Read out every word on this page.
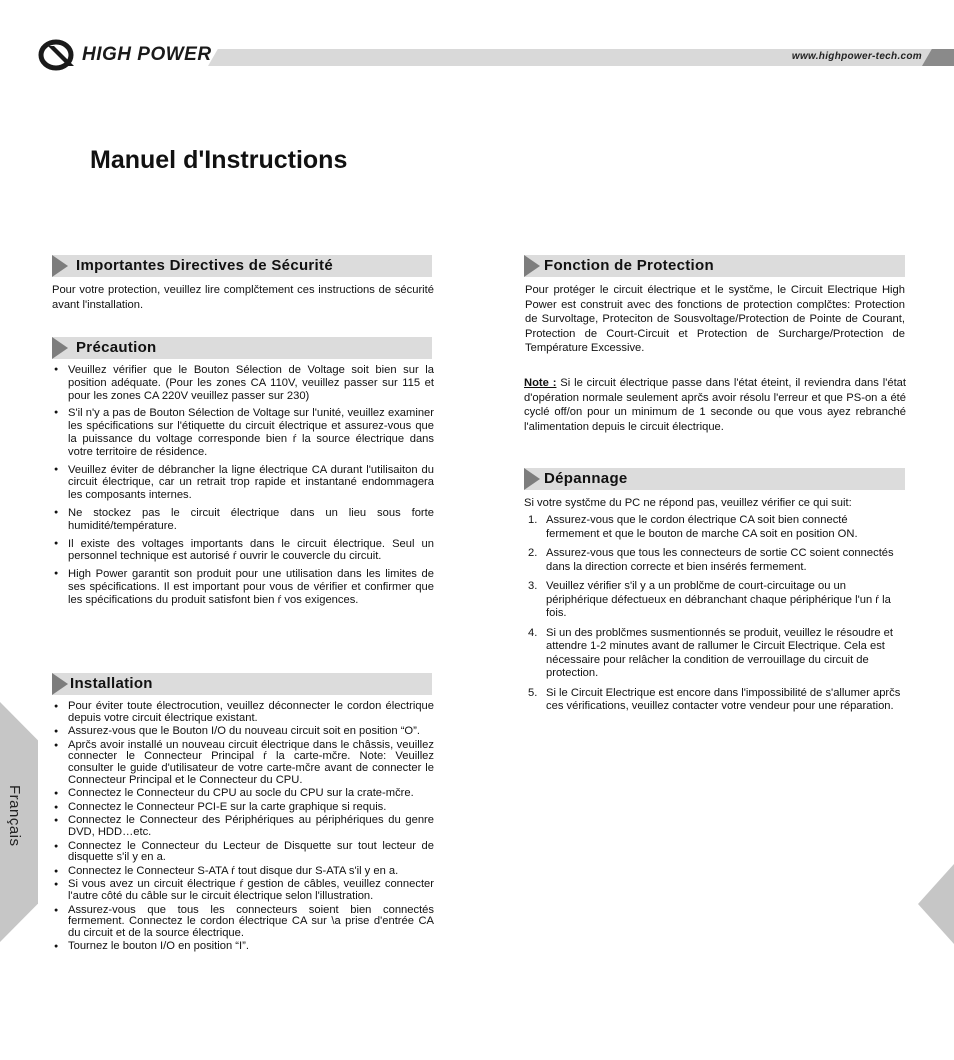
HIGH POWER	www.highpower-tech.com
Manuel d'Instructions
Importantes Directives de Sécurité

Pour votre protection, veuillez lire complčtement ces instructions de sécurité avant l'installation.

Précaution
● Veuillez vérifier que le Bouton Sélection de Voltage soit bien sur la position adéquate. (Pour les zones CA 110V, veuillez passer sur 115 et pour les zones CA 220V veuillez passer sur 230)
● S'il n'y a pas de Bouton Sélection de Voltage sur l'unité, veuillez examiner les spécifications sur l'étiquette du circuit électrique et assurez-vous que la puissance du voltage corresponde bien ŕ la source électrique dans votre territoire de résidence.
● Veuillez éviter de débrancher la ligne électrique CA durant l'utilisaiton du circuit électrique, car un retrait trop rapide et instantané endommagera les composants internes.
● Ne stockez pas le circuit électrique dans un lieu sous forte humidité/température.
● Il existe des voltages importants dans le circuit électrique. Seul un personnel technique est autorisé ŕ ouvrir le couvercle du circuit.
● High Power garantit son produit pour une utilisation dans les limites de ses spécifications. Il est important pour vous de vérifier et confirmer que les spécifications du produit satisfont bien ŕ vos exigences.
Installation
● Pour éviter toute électrocution, veuillez déconnecter le cordon électrique depuis votre circuit électrique existant.
● Assurez-vous que le Bouton I/O du nouveau circuit soit en position “O”.
● Aprčs avoir installé un nouveau circuit électrique dans le châssis, veuillez connecter le Connecteur Principal ŕ la carte-mčre. Note: Veuillez consulter le guide d'utilisateur de votre carte-mčre avant de connecter le Connecteur Principal et le Connecteur du CPU.
● Connectez le Connecteur du CPU au socle du CPU sur la crate-mčre.
● Connectez le Connecteur PCI-E sur la carte graphique si requis.
● Connectez le Connecteur des Périphériques au périphériques du genre DVD, HDD…etc.
● Connectez le Connecteur du Lecteur de Disquette sur tout lecteur de disquette s'il y en a.
● Connectez le Connecteur S-ATA ŕ tout disque dur S-ATA s'il y en a.
● Si vous avez un circuit électrique ŕ gestion de câbles, veuillez connecter l'autre côté du câble sur le circuit électrique selon l'illustration.
● Assurez-vous que tous les connecteurs soient bien connectés fermement. Connectez le cordon électrique CA sur \a prise d'entrée CA du circuit et de la source électrique.
● Tournez le bouton I/O en position “I”.
Fonction de Protection

Pour protéger le circuit électrique et le systčme, le Circuit Electrique High Power est construit avec des fonctions de protection complčtes: Protection de Survoltage, Proteciton de Sousvoltage/Protection de Pointe de Courant, Protection de Court-Circuit et Protection de Surcharge/Protection de Température Excessive.

Note : Si le circuit électrique passe dans l'état éteint, il reviendra dans l'état d'opération normale seulement aprčs avoir résolu l'erreur et que PS-on a été cyclé off/on pour un minimum de 1 seconde ou que vous ayez rebranché l'alimentation depuis le circuit électrique.

Dépannage

Si votre systčme du PC ne répond pas, veuillez vérifier ce qui suit:

1. Assurez-vous que le cordon électrique CA soit bien connecté fermement et que le bouton de marche CA soit en position ON.
2. Assurez-vous que tous les connecteurs de sortie CC soient connectés dans la direction correcte et bien insérés fermement.
3. Veuillez vérifier s'il y a un problčme de court-circuitage ou un périphérique défectueux en débranchant chaque périphérique l'un ŕ la fois.
4. Si un des problčmes susmentionnés se produit, veuillez le résoudre et attendre 1-2 minutes avant de rallumer le Circuit Electrique. Cela est nécessaire pour relâcher la condition de verrouillage du circuit de protection.
5. Si le Circuit Electrique est encore dans l'impossibilité de s'allumer aprčs ces vérifications, veuillez contacter votre vendeur pour une réparation.
Français
